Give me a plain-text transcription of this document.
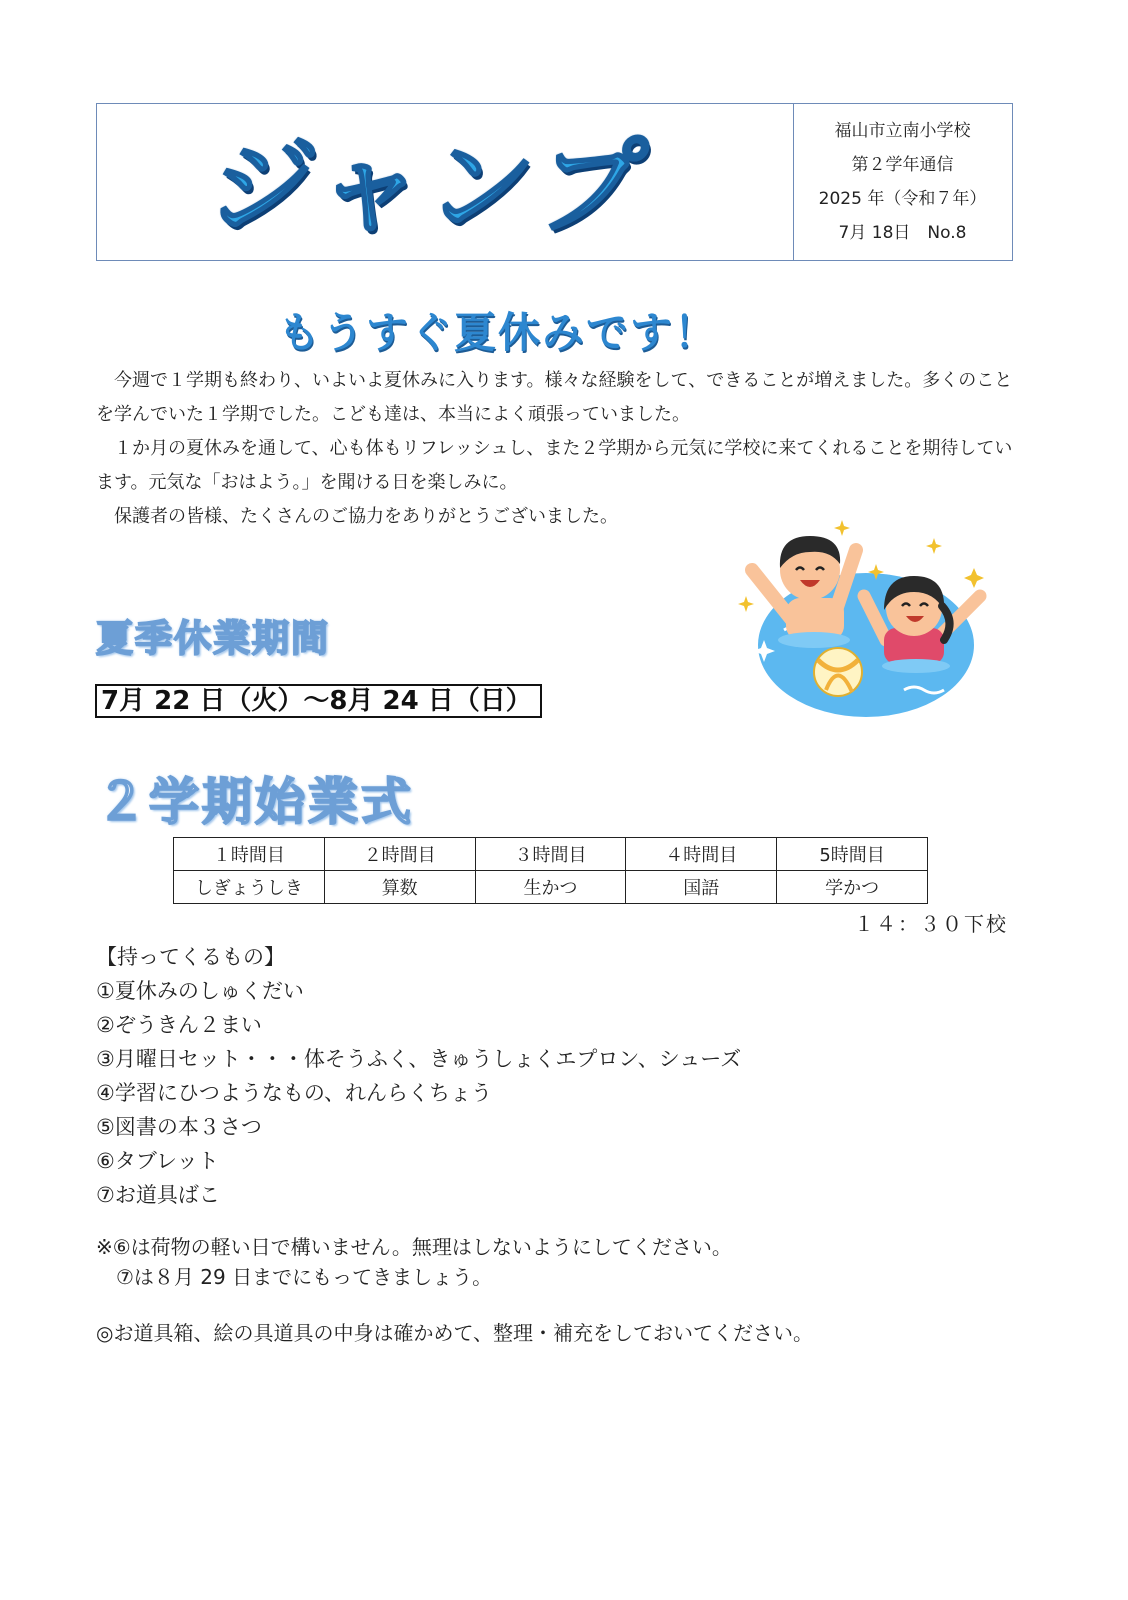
ジャンプ	福山市立南小学校
第２学年通信
2025 年（令和７年）
7月 18日　No.8
もうすぐ夏休みです！

今週で１学期も終わり、いよいよ夏休みに入ります。様々な経験をして、できることが増えました。多くのことを学んでいた１学期でした。こども達は、本当によく頑張っていました。

１か月の夏休みを通して、心も体もリフレッシュし、また２学期から元気に学校に来てくれることを期待しています。元気な「おはよう。」を聞ける日を楽しみに。

保護者の皆様、たくさんのご協力をありがとうございました。

夏季休業期間
7月 22 日（火）～8月 24 日（日）
２学期始業式
１時間目	２時間目	３時間目	４時間目	5時間目
しぎょうしき	算数	生かつ	国語	学かつ
１４：３０下校
【持ってくるもの】
①夏休みのしゅくだい
②ぞうきん２まい
③月曜日セット・・・体そうふく、きゅうしょくエプロン、シューズ
④学習にひつようなもの、れんらくちょう
⑤図書の本３さつ
⑥タブレット
⑦お道具ばこ
※⑥は荷物の軽い日で構いません。無理はしないようにしてください。
　⑦は８月 29 日までにもってきましょう。
◎お道具箱、絵の具道具の中身は確かめて、整理・補充をしておいてください。
